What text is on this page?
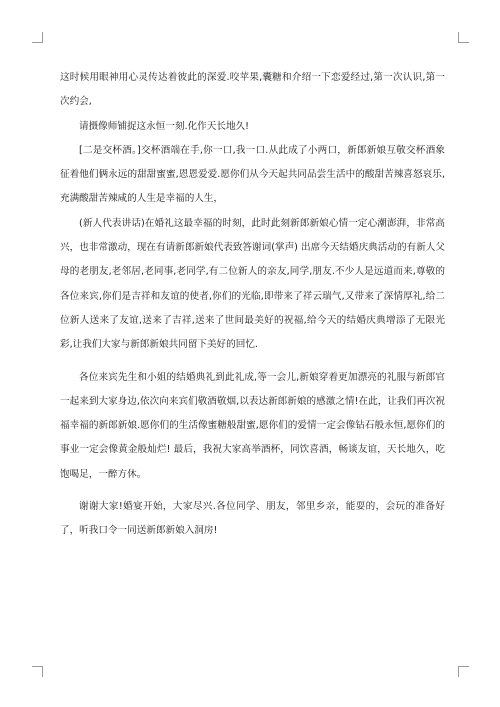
这时候用眼神用心灵传达着彼此的深爱.咬苹果,囊糖和介绍一下恋爱经过,第一次认识,第一次约会,

请摄像师铺捉这永恒一刻.化作天长地久!

[二是交杯酒。]交杯酒端在手,你一口,我一口.从此成了小两口，新郎新娘互敬交杯酒象征着他们俩永远的甜甜蜜蜜,恩恩爱爱.愿你们从今天起共同品尝生活中的酸甜苦辣喜怒哀乐,充满酸甜苦辣咸的人生是幸福的人生，

(新人代表讲话)在婚礼这最幸福的时刻，此时此刻新郎新娘心情一定心潮澎湃，非常高兴，也非常激动，现在有请新郎新娘代表致答谢词(掌声) 出席今天结婚庆典活动的有新人父母的老朋友,老邻居,老同事,老同学,有二位新人的亲友,同学,朋友.不少人是远道而来,尊敬的各位来宾,你们是吉祥和友谊的使者,你们的光临,即带来了祥云瑞气,又带来了深情厚礼,给二位新人送来了友谊,送来了吉祥,送来了世间最美好的祝福,给今天的结婚庆典增添了无限光彩,让我们大家与新郎新娘共同留下美好的回忆.

各位来宾先生和小姐的结婚典礼到此礼成,等一会儿,新娘穿着更加漂亮的礼服与新郎官一起来到大家身边,依次向来宾们敬酒敬烟,以表达新郎新娘的感激之情!在此，让我们再次祝福幸福的新郎新娘.愿你们的生活像蜜糖般甜蜜,愿你们的爱情一定会像钻石般永恒,愿你们的事业一定会像黄金般灿烂! 最后，我祝大家高举酒杯，同饮喜酒，畅谈友谊，天长地久，吃饱喝足，一醉方休。

谢谢大家!婚宴开始，大家尽兴.各位同学、朋友，邻里乡亲，能耍的，会玩的准备好了，听我口令一同送新郎新娘入洞房!
